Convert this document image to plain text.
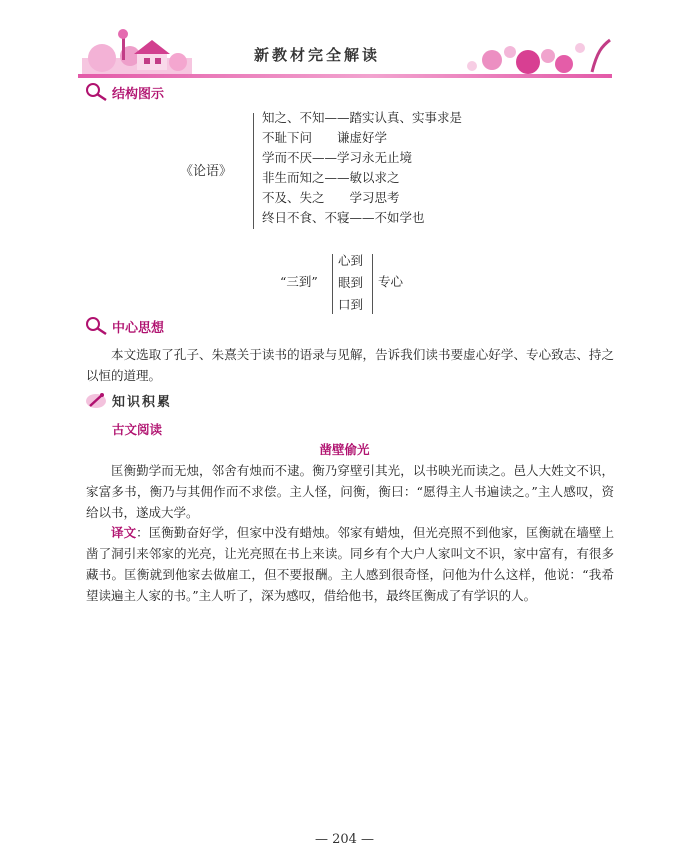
新教材完全解读
结构图示
《论语》
知之、不知——踏实认真、实事求是
不耻下问　　谦虚好学
学而不厌——学习永无止境
非生而知之——敏以求之
不及、失之　　学习思考
终日不食、不寝——不如学也
“三到”
心到
眼到
口到
专心
中心思想
本文选取了孔子、朱熹关于读书的语录与见解，告诉我们读书要虚心好学、专心致志、持之以恒的道理。
知识积累
古文阅读
凿壁偷光
匡衡勤学而无烛，邻舍有烛而不逮。衡乃穿壁引其光，以书映光而读之。邑人大姓文不识，家富多书，衡乃与其佣作而不求偿。主人怪，问衡，衡曰：“愿得主人书遍读之。”主人感叹，资给以书，遂成大学。
译文：匡衡勤奋好学，但家中没有蜡烛。邻家有蜡烛，但光亮照不到他家，匡衡就在墙壁上凿了洞引来邻家的光亮，让光亮照在书上来读。同乡有个大户人家叫文不识，家中富有，有很多藏书。匡衡就到他家去做雇工，但不要报酬。主人感到很奇怪，问他为什么这样，他说：“我希望读遍主人家的书。”主人听了，深为感叹，借给他书，最终匡衡成了有学识的人。
— 204 —
